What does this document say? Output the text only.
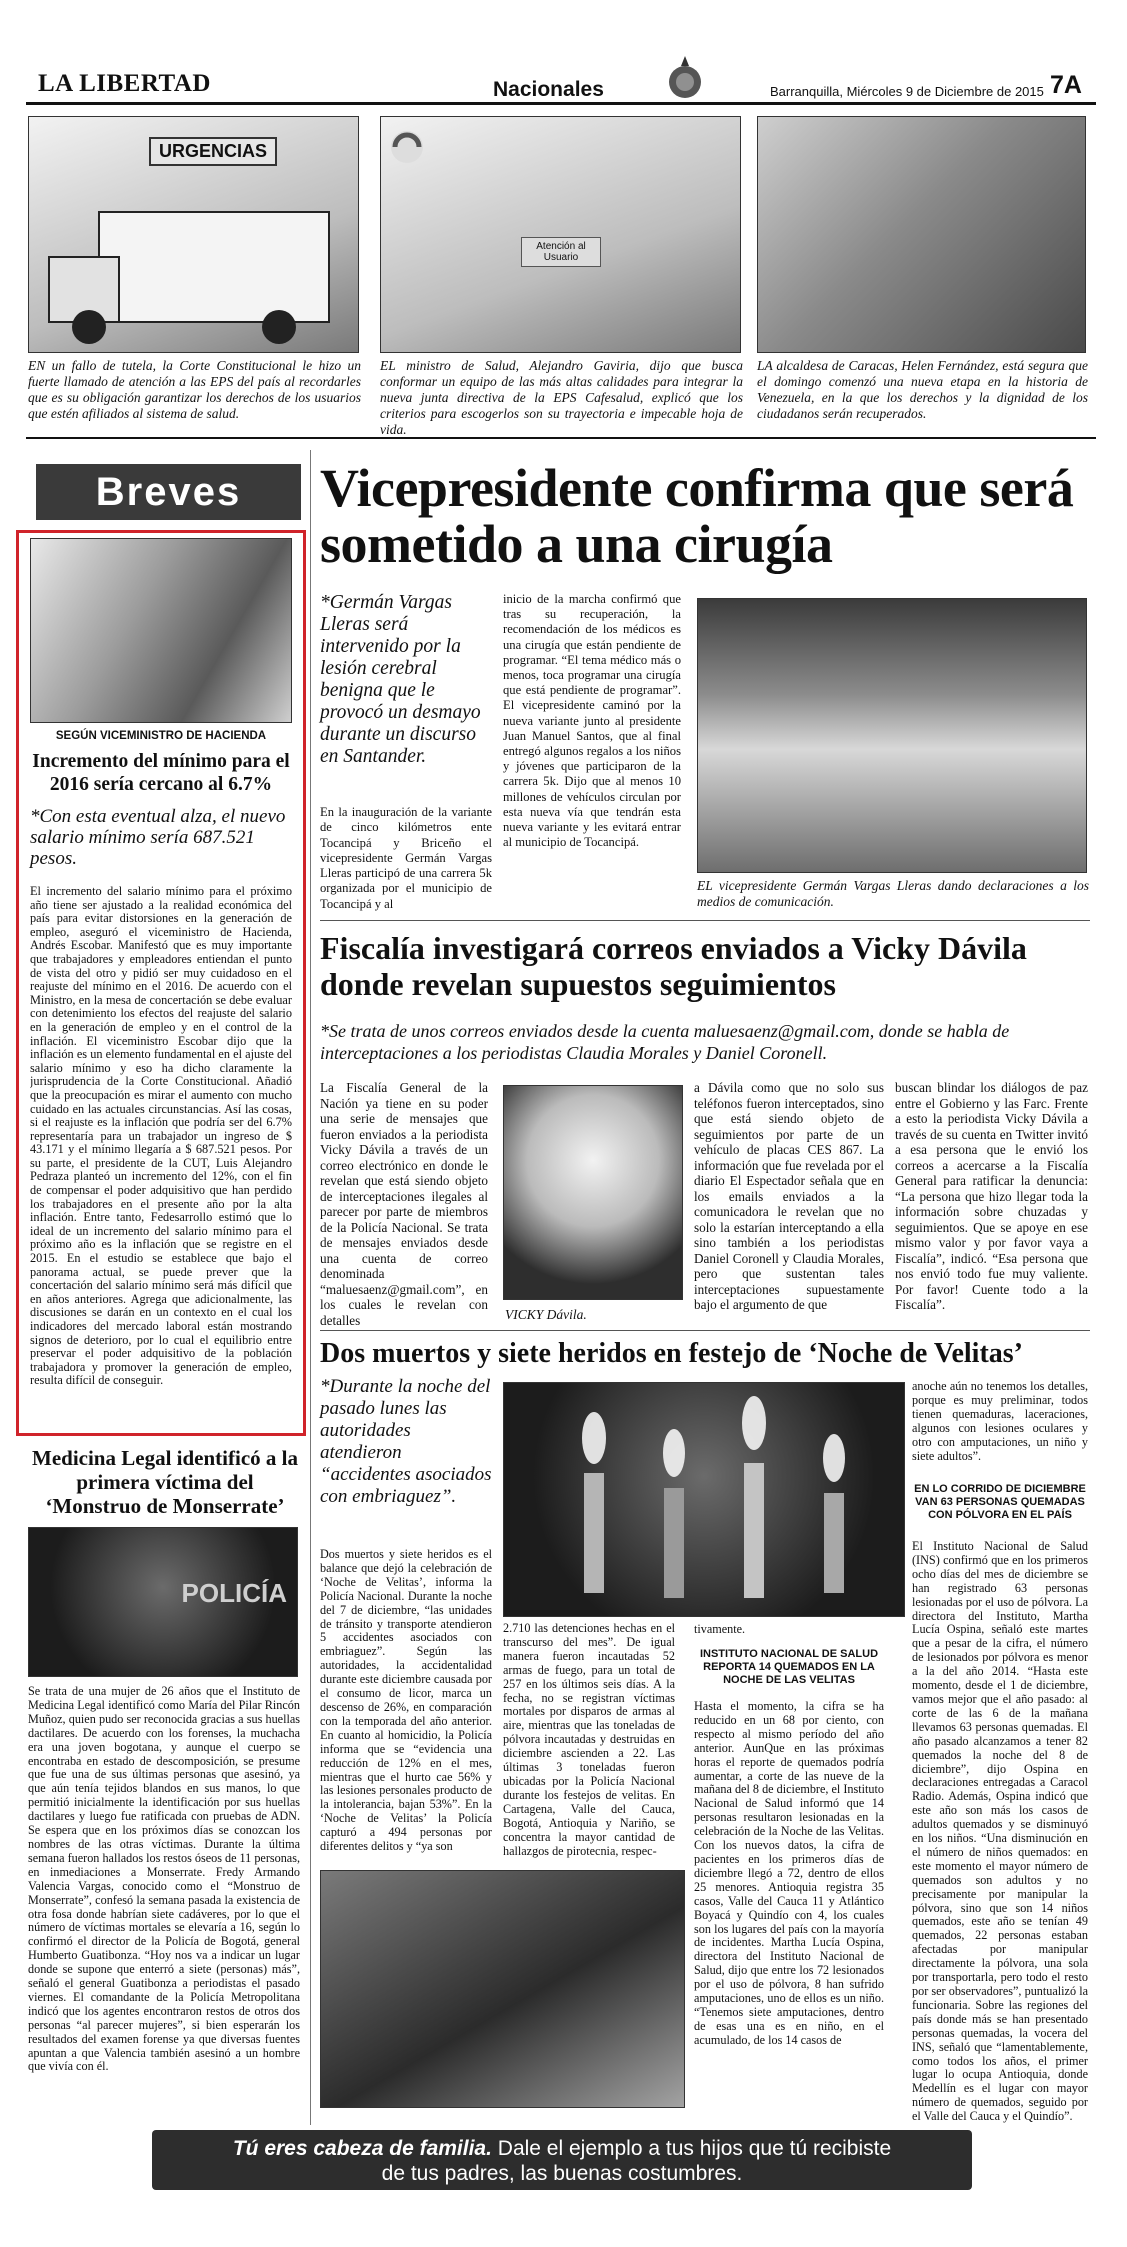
LA LIBERTAD	Nacionales	Barranquilla, Miércoles 9 de Diciembre de 2015 7A
URGENCIAS
EN un fallo de tutela, la Corte Constitucional le hizo un fuerte llamado de atención a las EPS del país al recordarles que es su obligación garantizar los derechos de los usuarios que estén afiliados al sistema de salud.
Atención al Usuario
EL ministro de Salud, Alejandro Gaviria, dijo que busca conformar un equipo de las más altas calidades para integrar la nueva junta directiva de la EPS Cafesalud, explicó que los criterios para escogerlos son su trayectoria e impecable hoja de vida.
LA alcaldesa de Caracas, Helen Fernández, está segura que el domingo comenzó una nueva etapa en la historia de Venezuela, en la que los derechos y la dignidad de los ciudadanos serán recuperados.
Breves
SEGÚN VICEMINISTRO DE HACIENDA
Incremento del mínimo para el 2016 sería cercano al 6.7%
*Con esta eventual alza, el nuevo salario mínimo sería 687.521 pesos.
El incremento del salario mínimo para el próximo año tiene ser ajustado a la realidad económica del país para evitar distorsiones en la generación de empleo, aseguró el viceministro de Hacienda, Andrés Escobar. Manifestó que es muy importante que trabajadores y empleadores entiendan el punto de vista del otro y pidió ser muy cuidadoso en el reajuste del mínimo en el 2016. De acuerdo con el Ministro, en la mesa de concertación se debe evaluar con detenimiento los efectos del reajuste del salario en la generación de empleo y en el control de la inflación. El viceministro Escobar dijo que la inflación es un elemento fundamental en el ajuste del salario mínimo y eso ha dicho claramente la jurisprudencia de la Corte Constitucional. Añadió que la preocupación es mirar el aumento con mucho cuidado en las actuales circunstancias. Así las cosas, si el reajuste es la inflación que podría ser del 6.7% representaría para un trabajador un ingreso de $ 43.171 y el mínimo llegaría a $ 687.521 pesos. Por su parte, el presidente de la CUT, Luis Alejandro Pedraza planteó un incremento del 12%, con el fin de compensar el poder adquisitivo que han perdido los trabajadores en el presente año por la alta inflación. Entre tanto, Fedesarrollo estimó que lo ideal de un incremento del salario mínimo para el próximo año es la inflación que se registre en el 2015. En el estudio se establece que bajo el panorama actual, se puede prever que la concertación del salario mínimo será más difícil que en años anteriores. Agrega que adicionalmente, las discusiones se darán en un contexto en el cual los indicadores del mercado laboral están mostrando signos de deterioro, por lo cual el equilibrio entre preservar el poder adquisitivo de la población trabajadora y promover la generación de empleo, resulta difícil de conseguir.
Medicina Legal identificó a la primera víctima del ‘Monstruo de Monserrate’
POLICÍA
Se trata de una mujer de 26 años que el Instituto de Medicina Legal identificó como María del Pilar Rincón Muñoz, quien pudo ser reconocida gracias a sus huellas dactilares. De acuerdo con los forenses, la muchacha era una joven bogotana, y aunque el cuerpo se encontraba en estado de descomposición, se presume que fue una de sus últimas personas que asesinó, ya que aún tenía tejidos blandos en sus manos, lo que permitió inicialmente la identificación por sus huellas dactilares y luego fue ratificada con pruebas de ADN. Se espera que en los próximos días se conozcan los nombres de las otras víctimas. Durante la última semana fueron hallados los restos óseos de 11 personas, en inmediaciones a Monserrate. Fredy Armando Valencia Vargas, conocido como el “Monstruo de Monserrate”, confesó la semana pasada la existencia de otra fosa donde habrían siete cadáveres, por lo que el número de víctimas mortales se elevaría a 16, según lo confirmó el director de la Policía de Bogotá, general Humberto Guatibonza. “Hoy nos va a indicar un lugar donde se supone que enterró a siete (personas) más”, señaló el general Guatibonza a periodistas el pasado viernes. El comandante de la Policía Metropolitana indicó que los agentes encontraron restos de otros dos personas “al parecer mujeres”, si bien esperarán los resultados del examen forense ya que diversas fuentes apuntan a que Valencia también asesinó a un hombre que vivía con él.
Vicepresidente confirma que será sometido a una cirugía
*Germán Vargas Lleras será intervenido por la lesión cerebral benigna que le provocó un desmayo durante un discurso en Santander.
En la inauguración de la variante de cinco kilómetros ente Tocancipá y Briceño el vicepresidente Germán Vargas Lleras participó de una carrera 5k organizada por el municipio de Tocancipá y al
inicio de la marcha confirmó que tras su recuperación, la recomendación de los médicos es una cirugía que están pendiente de programar. “El tema médico más o menos, toca programar una cirugía que está pendiente de programar”. El vicepresidente caminó por la nueva variante junto al presidente Juan Manuel Santos, que al final entregó algunos regalos a los niños y jóvenes que participaron de la carrera 5k. Dijo que al menos 10 millones de vehículos circulan por esta nueva vía que tendrán esta nueva variante y les evitará entrar al municipio de Tocancipá.
EL vicepresidente Germán Vargas Lleras dando declaraciones a los medios de comunicación.
Fiscalía investigará correos enviados a Vicky Dávila donde revelan supuestos seguimientos
*Se trata de unos correos enviados desde la cuenta maluesaenz@gmail.com, donde se habla de interceptaciones a los periodistas Claudia Morales y Daniel Coronell.
La Fiscalía General de la Nación ya tiene en su poder una serie de mensajes que fueron enviados a la periodista Vicky Dávila a través de un correo electrónico en donde le revelan que está siendo objeto de interceptaciones ilegales al parecer por parte de miembros de la Policía Nacional. Se trata de mensajes enviados desde una cuenta de correo denominada “maluesaenz@gmail.com”, en los cuales le revelan con detalles	VICKY Dávila.
a Dávila como que no solo sus teléfonos fueron interceptados, sino que está siendo objeto de seguimientos por parte de un vehículo de placas CES 867. La información que fue revelada por el diario El Espectador señala que en los emails enviados a la comunicadora le revelan que no solo la estarían interceptando a ella sino también a los periodistas Daniel Coronell y Claudia Morales, pero que sustentan tales interceptaciones supuestamente bajo el argumento de que
buscan blindar los diálogos de paz entre el Gobierno y las Farc. Frente a esto la periodista Vicky Dávila a través de su cuenta en Twitter invitó a esa persona que le envió los correos a acercarse a la Fiscalía General para ratificar la denuncia: “La persona que hizo llegar toda la información sobre chuzadas y seguimientos. Que se apoye en ese mismo valor y por favor vaya a Fiscalía”, indicó. “Esa persona que nos envió todo fue muy valiente. Por favor! Cuente todo a la Fiscalía”.
Dos muertos y siete heridos en festejo de ‘Noche de Velitas’
*Durante la noche del pasado lunes las autoridades atendieron “accidentes asociados con embriaguez”.
Dos muertos y siete heridos es el balance que dejó la celebración de ‘Noche de Velitas’, informa la Policía Nacional. Durante la noche del 7 de diciembre, “las unidades de tránsito y transporte atendieron 5 accidentes asociados con embriaguez”. Según las autoridades, la accidentalidad durante este diciembre causada por el consumo de licor, marca un descenso de 26%, en comparación con la temporada del año anterior. En cuanto al homicidio, la Policía informa que se “evidencia una reducción de 12% en el mes, mientras que el hurto cae 56% y las lesiones personales producto de la intolerancia, bajan 53%”. En la ‘Noche de Velitas’ la Policía capturó a 494 personas por diferentes delitos y “ya son
2.710 las detenciones hechas en el transcurso del mes”. De igual manera fueron incautadas 52 armas de fuego, para un total de 257 en los últimos seis días. A la fecha, no se registran víctimas mortales por disparos de armas al aire, mientras que las toneladas de pólvora incautadas y destruidas en diciembre ascienden a 22. Las últimas 3 toneladas fueron ubicadas por la Policía Nacional durante los festejos de velitas. En Cartagena, Valle del Cauca, Bogotá, Antioquia y Nariño, se concentra la mayor cantidad de hallazgos de pirotecnia, respec-
tivamente.
INSTITUTO NACIONAL DE SALUD REPORTA 14 QUEMADOS EN LA NOCHE DE LAS VELITAS
Hasta el momento, la cifra se ha reducido en un 68 por ciento, con respecto al mismo período del año anterior. AunQue en las próximas horas el reporte de quemados podría aumentar, a corte de las nueve de la mañana del 8 de diciembre, el Instituto Nacional de Salud informó que 14 personas resultaron lesionadas en la celebración de la Noche de las Velitas. Con los nuevos datos, la cifra de pacientes en los primeros días de diciembre llegó a 72, dentro de ellos 25 menores. Antioquia registra 35 casos, Valle del Cauca 11 y Atlántico Boyacá y Quindío con 4, los cuales son los lugares del país con la mayoría de incidentes. Martha Lucía Ospina, directora del Instituto Nacional de Salud, dijo que entre los 72 lesionados por el uso de pólvora, 8 han sufrido amputaciones, uno de ellos es un niño. “Tenemos siete amputaciones, dentro de esas una es en niño, en el acumulado, de los 14 casos de
anoche aún no tenemos los detalles, porque es muy preliminar, todos tienen quemaduras, laceraciones, algunos con lesiones oculares y otro con amputaciones, un niño y siete adultos”.
EN LO CORRIDO DE DICIEMBRE VAN 63 PERSONAS QUEMADAS CON PÓLVORA EN EL PAÍS
El Instituto Nacional de Salud (INS) confirmó que en los primeros ocho días del mes de diciembre se han registrado 63 personas lesionadas por el uso de pólvora. La directora del Instituto, Martha Lucía Ospina, señaló este martes que a pesar de la cifra, el número de lesionados por pólvora es menor a la del año 2014. “Hasta este momento, desde el 1 de diciembre, vamos mejor que el año pasado: al corte de las 6 de la mañana llevamos 63 personas quemadas. El año pasado alcanzamos a tener 82 quemados la noche del 8 de diciembre”, dijo Ospina en declaraciones entregadas a Caracol Radio. Además, Ospina indicó que este año son más los casos de adultos quemados y se disminuyó en los niños. “Una disminución en el número de niños quemados: en este momento el mayor número de quemados son adultos y no precisamente por manipular la pólvora, sino que son 14 niños quemados, este año se tenían 49 quemados, 22 personas estaban afectadas por manipular directamente la pólvora, una sola por transportarla, pero todo el resto por ser observadores”, puntualizó la funcionaria. Sobre las regiones del país donde más se han presentado personas quemadas, la vocera del INS, señaló que “lamentablemente, como todos los años, el primer lugar lo ocupa Antioquia, donde Medellín es el lugar con mayor número de quemados, seguido por el Valle del Cauca y el Quindío”.
Tú eres cabeza de familia. Dale el ejemplo a tus hijos que tú recibiste
de tus padres, las buenas costumbres.
